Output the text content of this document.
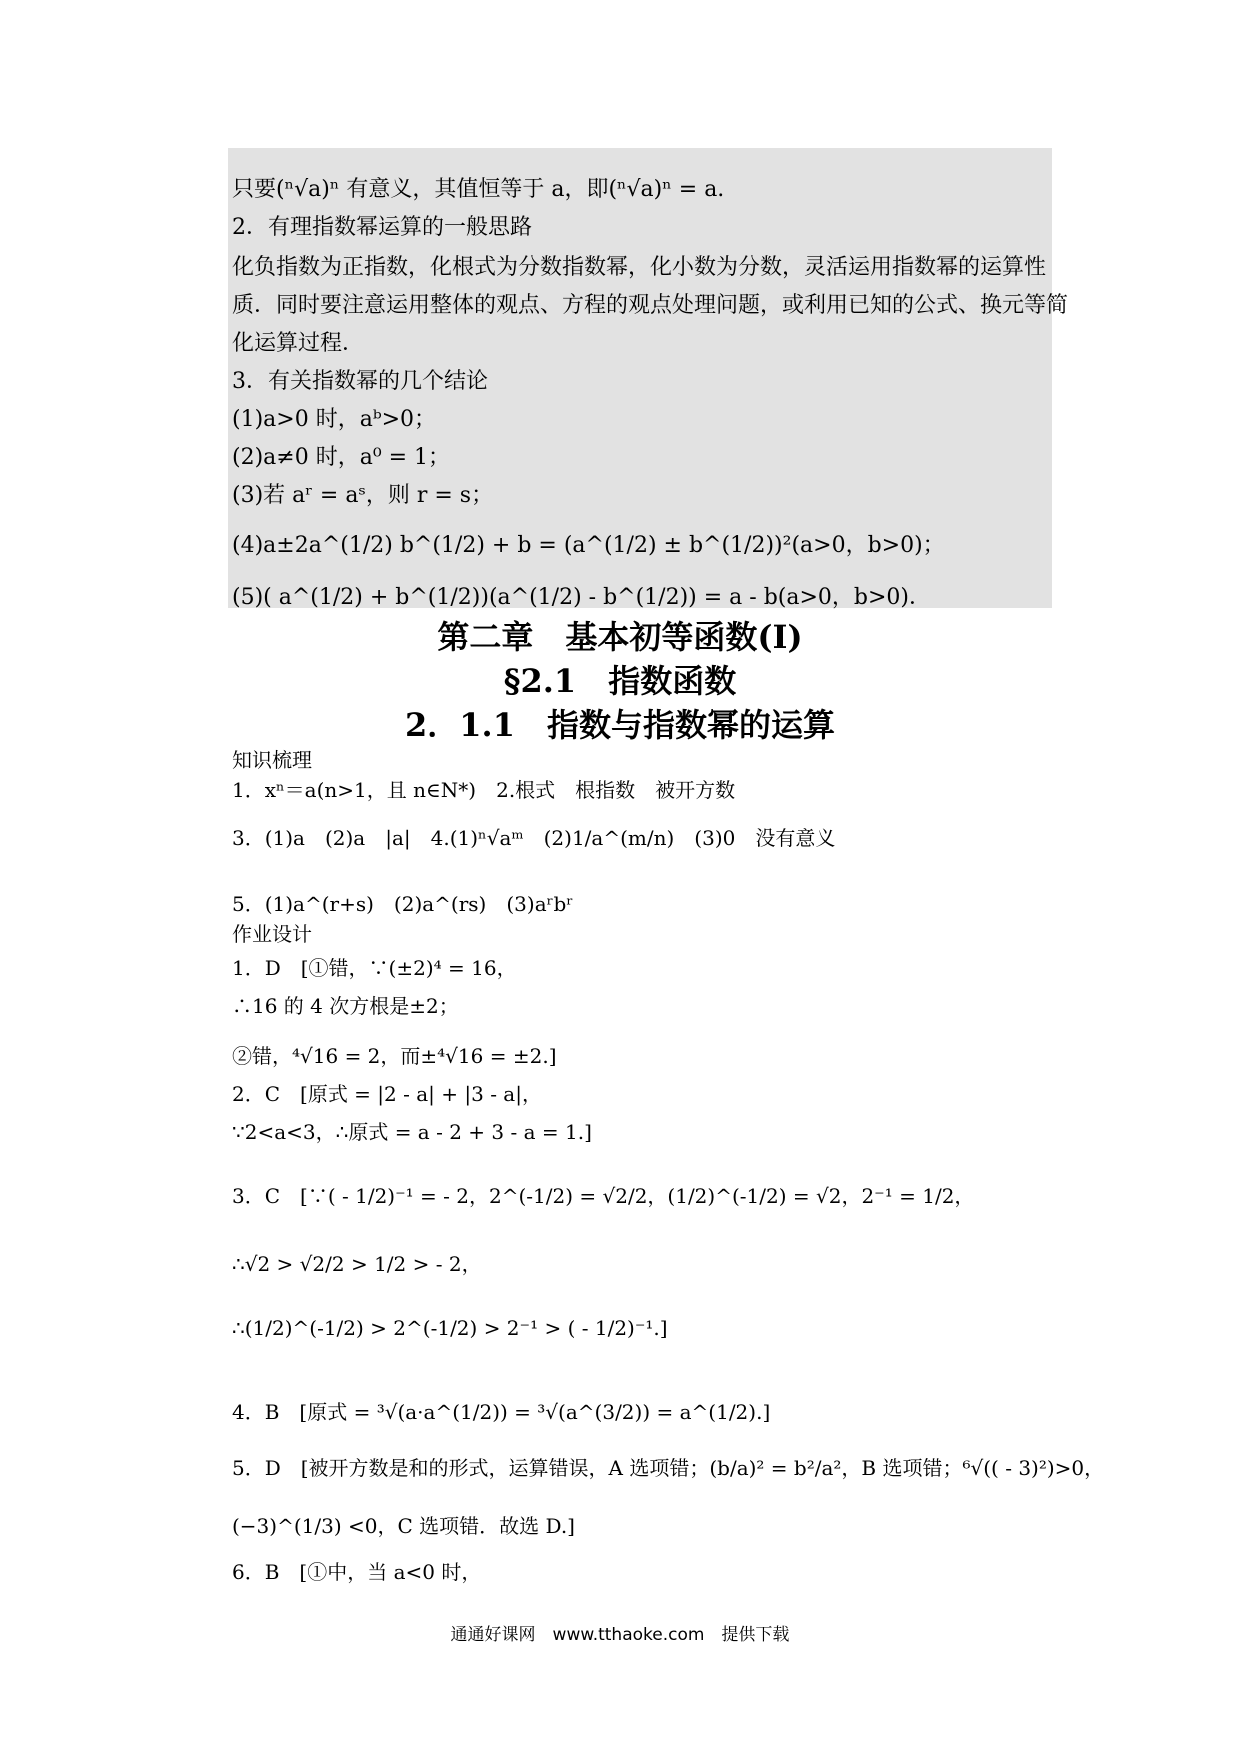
只要(ⁿ√a)ⁿ 有意义，其值恒等于 a，即(ⁿ√a)ⁿ = a.
2．有理指数幂运算的一般思路
化负指数为正指数，化根式为分数指数幂，化小数为分数，灵活运用指数幂的运算性
质．同时要注意运用整体的观点、方程的观点处理问题，或利用已知的公式、换元等简
化运算过程．
3．有关指数幂的几个结论
(1)a>0 时，aᵇ>0；
(2)a≠0 时，a⁰ = 1；
(3)若 aʳ = aˢ，则 r = s；
(4)a±2a^(1/2) b^(1/2) + b = (a^(1/2) ± b^(1/2))²(a>0，b>0)；
(5)( a^(1/2) + b^(1/2))(a^(1/2) - b^(1/2)) = a - b(a>0，b>0)．
第二章　基本初等函数(Ⅰ)
§2.1　指数函数
2．1.1　指数与指数幂的运算
知识梳理
1．xⁿ＝a(n>1，且 n∈N*)　2.根式　根指数　被开方数
3．(1)a　(2)a　|a|　4.(1)ⁿ√aᵐ　(2)1/a^(m/n)　(3)0　没有意义
5．(1)a^(r+s)　(2)a^(rs)　(3)aʳbʳ
作业设计
1．D　[①错，∵(±2)⁴ = 16，
∴16 的 4 次方根是±2；
②错，⁴√16 = 2，而±⁴√16 = ±2.]
2．C　[原式 = |2 - a| + |3 - a|，
∵2<a<3，∴原式 = a - 2 + 3 - a = 1.]
3．C　[∵( - 1/2)⁻¹ = - 2，2^(-1/2) = √2/2，(1/2)^(-1/2) = √2，2⁻¹ = 1/2，
∴√2 > √2/2 > 1/2 > - 2，
∴(1/2)^(-1/2) > 2^(-1/2) > 2⁻¹ > ( - 1/2)⁻¹.]
4．B　[原式 = ³√(a·a^(1/2)) = ³√(a^(3/2)) = a^(1/2).]
5．D　[被开方数是和的形式，运算错误，A 选项错；(b/a)² = b²/a²，B 选项错；⁶√(( - 3)²)>0，
(−3)^(1/3) <0，C 选项错．故选 D.]
6．B　[①中，当 a<0 时，
通通好课网　www.tthaoke.com　提供下载
